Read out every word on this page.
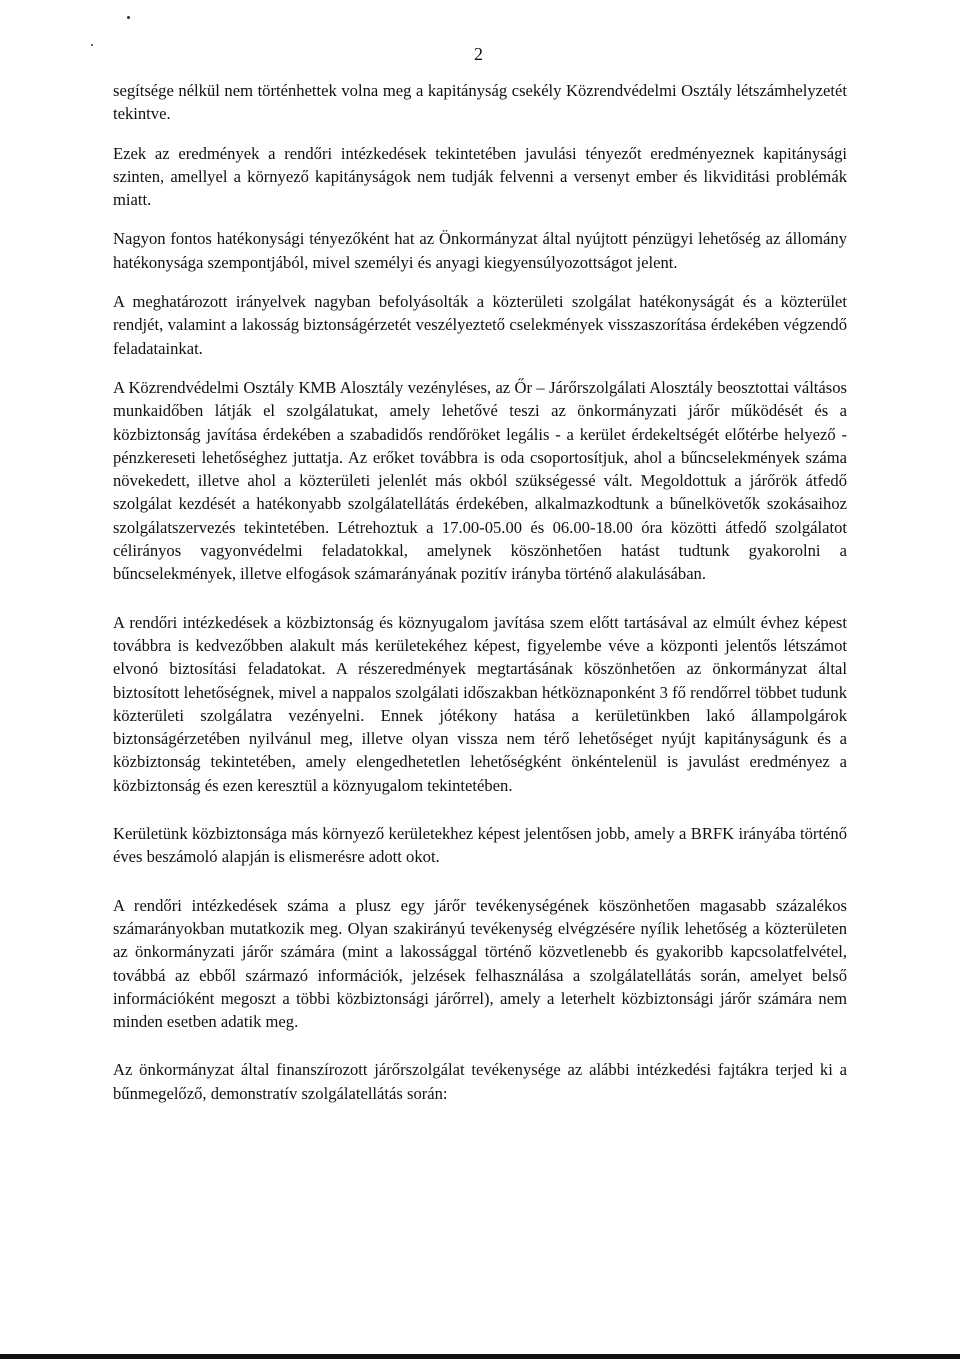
2

segítsége nélkül nem történhettek volna meg a kapitányság csekély Közrendvédelmi Osztály létszámhelyzetét tekintve.

Ezek az eredmények a rendőri intézkedések tekintetében javulási tényezőt eredményeznek kapitánysági szinten, amellyel a környező kapitányságok nem tudják felvenni a versenyt ember és likviditási problémák miatt.

Nagyon fontos hatékonysági tényezőként hat az Önkormányzat által nyújtott pénzügyi lehetőség az állomány hatékonysága szempontjából, mivel személyi és anyagi kiegyensúlyozottságot jelent.

A meghatározott irányelvek nagyban befolyásolták a közterületi szolgálat hatékonyságát és a közterület rendjét, valamint a lakosság biztonságérzetét veszélyeztető cselekmények visszaszorítása érdekében végzendő feladatainkat.

A Közrendvédelmi Osztály KMB Alosztály vezényléses, az Őr – Járőrszolgálati Alosztály beosztottai váltásos munkaidőben látják el szolgálatukat, amely lehetővé teszi az önkormányzati járőr működését és a közbiztonság javítása érdekében a szabadidős rendőröket legális - a kerület érdekeltségét előtérbe helyező - pénzkereseti lehetőséghez juttatja. Az erőket továbbra is oda csoportosítjuk, ahol a bűncselekmények száma növekedett, illetve ahol a közterületi jelenlét más okból szükségessé vált. Megoldottuk a járőrök átfedő szolgálat kezdését a hatékonyabb szolgálatellátás érdekében, alkalmazkodtunk a bűnelkövetők szokásaihoz szolgálatszervezés tekintetében. Létrehoztuk a 17.00-05.00 és 06.00-18.00 óra közötti átfedő szolgálatot célirányos vagyonvédelmi feladatokkal, amelynek köszönhetően hatást tudtunk gyakorolni a bűncselekmények, illetve elfogások számarányának pozitív irányba történő alakulásában.

A rendőri intézkedések a közbiztonság és köznyugalom javítása szem előtt tartásával az elmúlt évhez képest továbbra is kedvezőbben alakult más kerületekéhez képest, figyelembe véve a központi jelentős létszámot elvonó biztosítási feladatokat. A részeredmények megtartásának köszönhetően az önkormányzat által biztosított lehetőségnek, mivel a nappalos szolgálati időszakban hétköznaponként 3 fő rendőrrel többet tudunk közterületi szolgálatra vezényelni. Ennek jótékony hatása a kerületünkben lakó állampolgárok biztonságérzetében nyilvánul meg, illetve olyan vissza nem térő lehetőséget nyújt kapitányságunk és a közbiztonság tekintetében, amely elengedhetetlen lehetőségként önkéntelenül is javulást eredményez a közbiztonság és ezen keresztül a köznyugalom tekintetében.

Kerületünk közbiztonsága más környező kerületekhez képest jelentősen jobb, amely a BRFK irányába történő éves beszámoló alapján is elismerésre adott okot.

A rendőri intézkedések száma a plusz egy járőr tevékenységének köszönhetően magasabb százalékos számarányokban mutatkozik meg. Olyan szakirányú tevékenység elvégzésére nyílik lehetőség a közterületen az önkormányzati járőr számára (mint a lakossággal történő közvetlenebb és gyakoribb kapcsolatfelvétel, továbbá az ebből származó információk, jelzések felhasználása a szolgálatellátás során, amelyet belső információként megoszt a többi közbiztonsági járőrrel), amely a leterhelt közbiztonsági járőr számára nem minden esetben adatik meg.

Az önkormányzat által finanszírozott járőrszolgálat tevékenysége az alábbi intézkedési fajtákra terjed ki a bűnmegelőző, demonstratív szolgálatellátás során:
